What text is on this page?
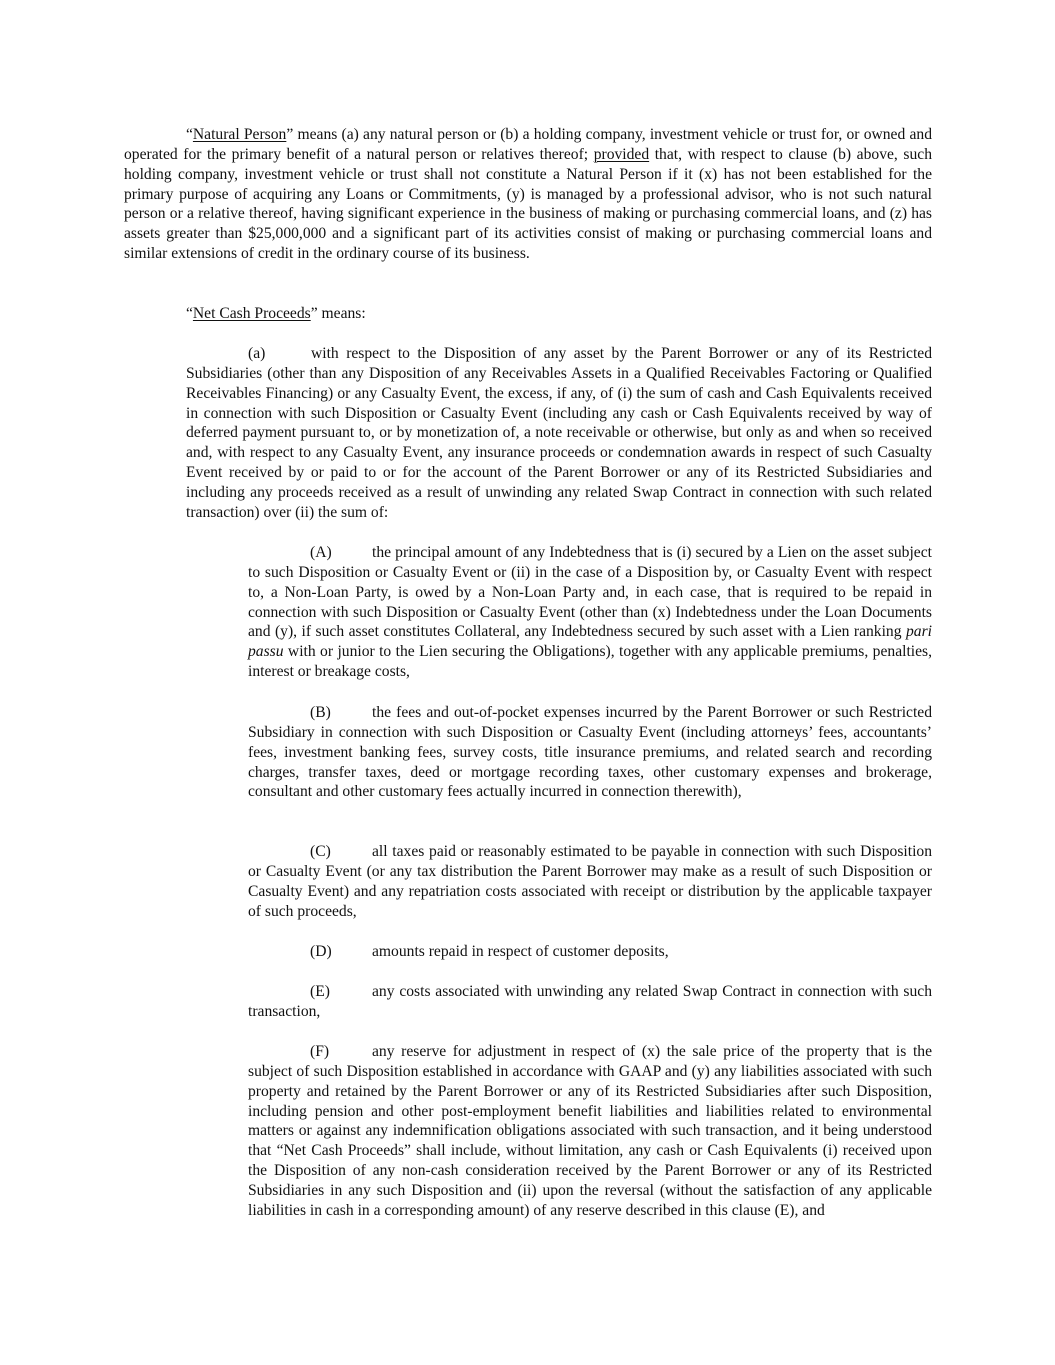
“Natural Person” means (a) any natural person or (b) a holding company, investment vehicle or trust for, or owned and operated for the primary benefit of a natural person or relatives thereof; provided that, with respect to clause (b) above, such holding company, investment vehicle or trust shall not constitute a Natural Person if it (x) has not been established for the primary purpose of acquiring any Loans or Commitments, (y) is managed by a professional advisor, who is not such natural person or a relative thereof, having significant experience in the business of making or purchasing commercial loans, and (z) has assets greater than $25,000,000 and a significant part of its activities consist of making or purchasing commercial loans and similar extensions of credit in the ordinary course of its business.

“Net Cash Proceeds” means:

(a)	with respect to the Disposition of any asset by the Parent Borrower or any of its Restricted Subsidiaries (other than any Disposition of any Receivables Assets in a Qualified Receivables Factoring or Qualified Receivables Financing) or any Casualty Event, the excess, if any, of (i) the sum of cash and Cash Equivalents received in connection with such Disposition or Casualty Event (including any cash or Cash Equivalents received by way of deferred payment pursuant to, or by monetization of, a note receivable or otherwise, but only as and when so received and, with respect to any Casualty Event, any insurance proceeds or condemnation awards in respect of such Casualty Event received by or paid to or for the account of the Parent Borrower or any of its Restricted Subsidiaries and including any proceeds received as a result of unwinding any related Swap Contract in connection with such related transaction) over (ii) the sum of:

(A)	the principal amount of any Indebtedness that is (i) secured by a Lien on the asset subject to such Disposition or Casualty Event or (ii) in the case of a Disposition by, or Casualty Event with respect to, a Non-Loan Party, is owed by a Non-Loan Party and, in each case, that is required to be repaid in connection with such Disposition or Casualty Event (other than (x) Indebtedness under the Loan Documents and (y), if such asset constitutes Collateral, any Indebtedness secured by such asset with a Lien ranking pari passu with or junior to the Lien securing the Obligations), together with any applicable premiums, penalties, interest or breakage costs,

(B)	the fees and out-of-pocket expenses incurred by the Parent Borrower or such Restricted Subsidiary in connection with such Disposition or Casualty Event (including attorneys’ fees, accountants’ fees, investment banking fees, survey costs, title insurance premiums, and related search and recording charges, transfer taxes, deed or mortgage recording taxes, other customary expenses and brokerage, consultant and other customary fees actually incurred in connection therewith),

(C)	all taxes paid or reasonably estimated to be payable in connection with such Disposition or Casualty Event (or any tax distribution the Parent Borrower may make as a result of such Disposition or Casualty Event) and any repatriation costs associated with receipt or distribution by the applicable taxpayer of such proceeds,

(D)	amounts repaid in respect of customer deposits,

(E)	any costs associated with unwinding any related Swap Contract in connection with such transaction,

(F)	any reserve for adjustment in respect of (x) the sale price of the property that is the subject of such Disposition established in accordance with GAAP and (y) any liabilities associated with such property and retained by the Parent Borrower or any of its Restricted Subsidiaries after such Disposition, including pension and other post-employment benefit liabilities and liabilities related to environmental matters or against any indemnification obligations associated with such transaction, and it being understood that “Net Cash Proceeds” shall include, without limitation, any cash or Cash Equivalents (i) received upon the Disposition of any non-cash consideration received by the Parent Borrower or any of its Restricted Subsidiaries in any such Disposition and (ii) upon the reversal (without the satisfaction of any applicable liabilities in cash in a corresponding amount) of any reserve described in this clause (E), and
